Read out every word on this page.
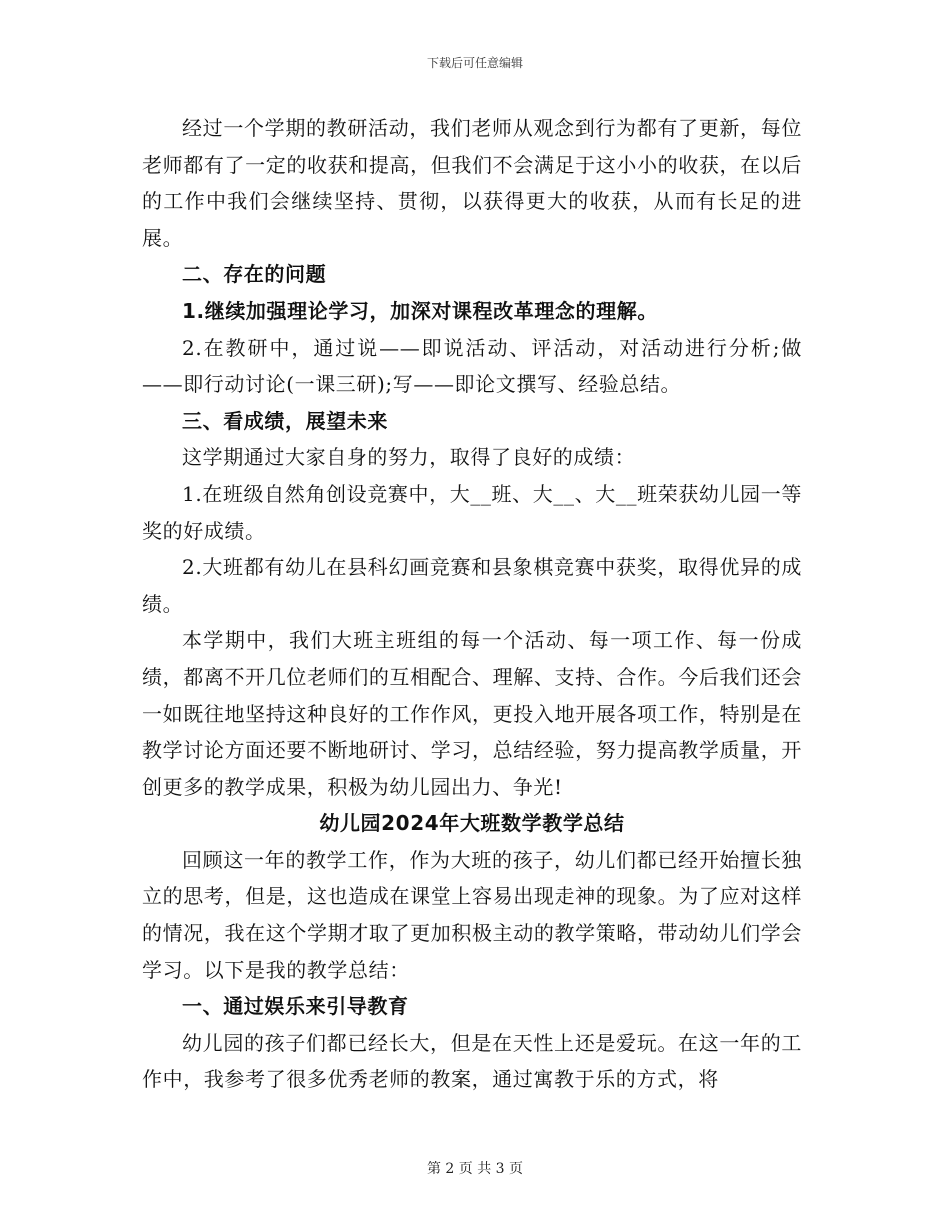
下载后可任意编辑

经过一个学期的教研活动，我们老师从观念到行为都有了更新，每位老师都有了一定的收获和提高，但我们不会满足于这小小的收获，在以后的工作中我们会继续坚持、贯彻，以获得更大的收获，从而有长足的进展。

二、存在的问题

1.继续加强理论学习，加深对课程改革理念的理解。

2.在教研中，通过说——即说活动、评活动，对活动进行分析;做——即行动讨论(一课三研);写——即论文撰写、经验总结。

三、看成绩，展望未来

这学期通过大家自身的努力，取得了良好的成绩：

1.在班级自然角创设竞赛中，大__班、大__、大__班荣获幼儿园一等奖的好成绩。

2.大班都有幼儿在县科幻画竞赛和县象棋竞赛中获奖，取得优异的成绩。

本学期中，我们大班主班组的每一个活动、每一项工作、每一份成绩，都离不开几位老师们的互相配合、理解、支持、合作。今后我们还会一如既往地坚持这种良好的工作作风，更投入地开展各项工作，特别是在教学讨论方面还要不断地研讨、学习，总结经验，努力提高教学质量，开创更多的教学成果，积极为幼儿园出力、争光!

幼儿园2024年大班数学教学总结

回顾这一年的教学工作，作为大班的孩子，幼儿们都已经开始擅长独立的思考，但是，这也造成在课堂上容易出现走神的现象。为了应对这样的情况，我在这个学期才取了更加积极主动的教学策略，带动幼儿们学会学习。以下是我的教学总结：

一、通过娱乐来引导教育

幼儿园的孩子们都已经长大，但是在天性上还是爱玩。在这一年的工作中，我参考了很多优秀老师的教案，通过寓教于乐的方式，将

第 2 页 共 3 页
